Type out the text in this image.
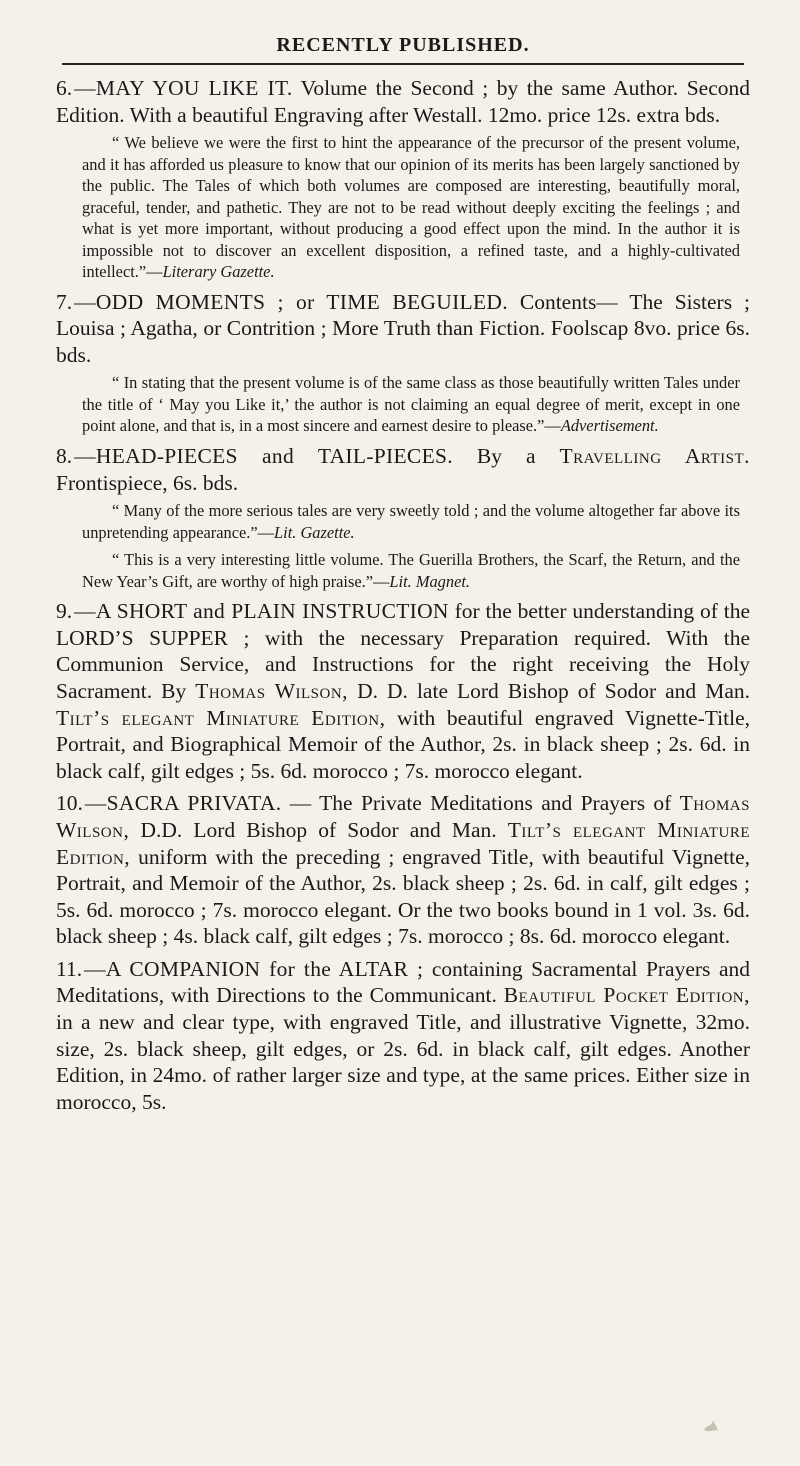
RECENTLY PUBLISHED.

6.—MAY YOU LIKE IT. Volume the Second ; by the same Author. Second Edition. With a beautiful Engraving after Westall. 12mo. price 12s. extra bds.

“ We believe we were the first to hint the appearance of the precursor of the present volume, and it has afforded us pleasure to know that our opinion of its merits has been largely sanctioned by the public. The Tales of which both volumes are composed are interesting, beautifully moral, graceful, tender, and pathetic. They are not to be read without deeply exciting the feelings ; and what is yet more important, without producing a good effect upon the mind. In the author it is impossible not to discover an excellent disposition, a refined taste, and a highly-cultivated intellect.”—Literary Gazette.

7.—ODD MOMENTS ; or TIME BEGUILED. Contents— The Sisters ; Louisa ; Agatha, or Contrition ; More Truth than Fiction. Foolscap 8vo. price 6s. bds.

“ In stating that the present volume is of the same class as those beautifully written Tales under the title of ‘ May you Like it,’ the author is not claiming an equal degree of merit, except in one point alone, and that is, in a most sincere and earnest desire to please.”—Advertisement.

8.—HEAD-PIECES and TAIL-PIECES. By a Travelling Artist. Frontispiece, 6s. bds.

“ Many of the more serious tales are very sweetly told ; and the volume altogether far above its unpretending appearance.”—Lit. Gazette.

“ This is a very interesting little volume. The Guerilla Brothers, the Scarf, the Return, and the New Year’s Gift, are worthy of high praise.”—Lit. Magnet.

9.—A SHORT and PLAIN INSTRUCTION for the better understanding of the LORD’S SUPPER ; with the necessary Preparation required. With the Communion Service, and Instructions for the right receiving the Holy Sacrament. By Thomas Wilson, D. D. late Lord Bishop of Sodor and Man. Tilt’s elegant Miniature Edition, with beautiful engraved Vignette-Title, Portrait, and Biographical Memoir of the Author, 2s. in black sheep ; 2s. 6d. in black calf, gilt edges ; 5s. 6d. morocco ; 7s. morocco elegant.

10.—SACRA PRIVATA. — The Private Meditations and Prayers of Thomas Wilson, D.D. Lord Bishop of Sodor and Man. Tilt’s elegant Miniature Edition, uniform with the preceding ; engraved Title, with beautiful Vignette, Portrait, and Memoir of the Author, 2s. black sheep ; 2s. 6d. in calf, gilt edges ; 5s. 6d. morocco ; 7s. morocco elegant. Or the two books bound in 1 vol. 3s. 6d. black sheep ; 4s. black calf, gilt edges ; 7s. morocco ; 8s. 6d. morocco elegant.

11.—A COMPANION for the ALTAR ; containing Sacramental Prayers and Meditations, with Directions to the Communicant. Beautiful Pocket Edition, in a new and clear type, with engraved Title, and illustrative Vignette, 32mo. size, 2s. black sheep, gilt edges, or 2s. 6d. in black calf, gilt edges. Another Edition, in 24mo. of rather larger size and type, at the same prices. Either size in morocco, 5s.
